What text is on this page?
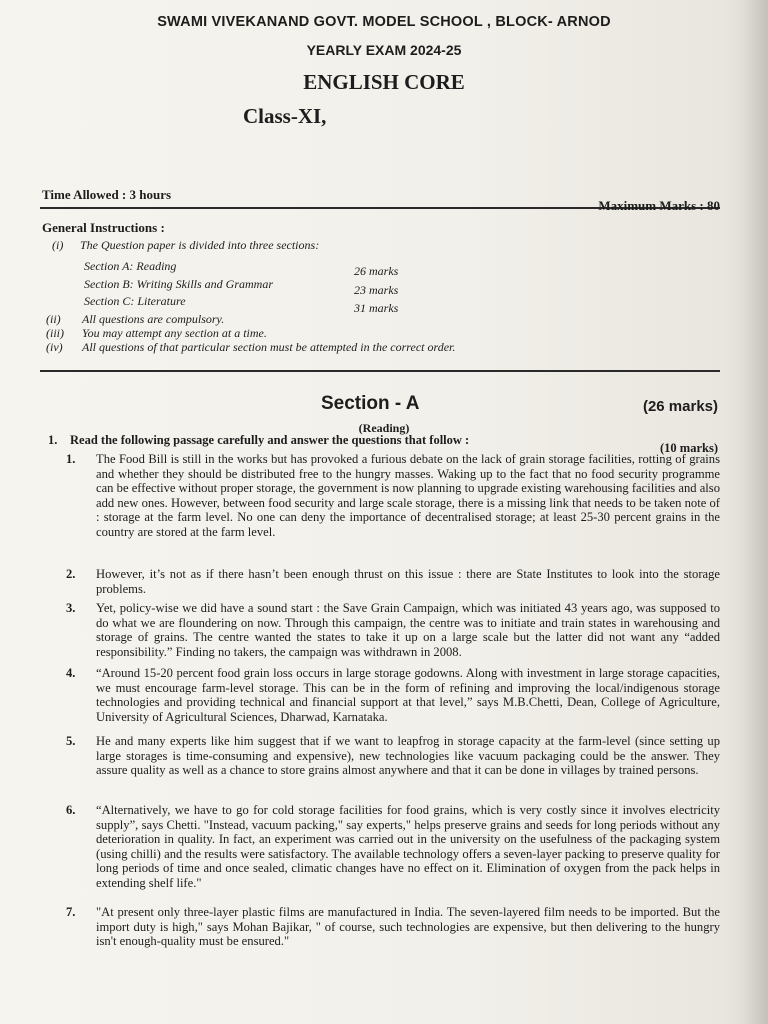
SWAMI VIVEKANAND GOVT. MODEL SCHOOL , BLOCK- ARNOD
YEARLY EXAM 2024-25
ENGLISH CORE
Class-XI,
Time Allowed : 3 hours
Maximum Marks : 80
General Instructions :
(i)	The Question paper is divided into three sections:
Section A: Reading	26 marks
Section B: Writing Skills and Grammar	23 marks
Section C: Literature	31 marks
(ii)	All questions are compulsory.
(iii)	You may attempt any section at a time.
(iv)	All questions of that particular section must be attempted in the correct order.
Section - A	(26 marks)
(Reading)
1. Read the following passage carefully and answer the questions that follow :
(10 marks)
1.	The Food Bill is still in the works but has provoked a furious debate on the lack of grain storage facilities, rotting of grains and whether they should be distributed free to the hungry masses. Waking up to the fact that no food security programme can be effective without proper storage, the government is now planning to upgrade existing warehousing facilities and also add new ones. However, between food security and large scale storage, there is a missing link that needs to be taken note of : storage at the farm level. No one can deny the importance of decentralised storage; at least 25-30 percent grains in the country are stored at the farm level.
2.	However, it’s not as if there hasn’t been enough thrust on this issue : there are State Institutes to look into the storage problems.
3.	Yet, policy-wise we did have a sound start : the Save Grain Campaign, which was initiated 43 years ago, was supposed to do what we are floundering on now. Through this campaign, the centre was to initiate and train states in warehousing and storage of grains. The centre wanted the states to take it up on a large scale but the latter did not want any “added responsibility.” Finding no takers, the campaign was withdrawn in 2008.
4.	“Around 15-20 percent food grain loss occurs in large storage godowns. Along with investment in large storage capacities, we must encourage farm-level storage. This can be in the form of refining and improving the local/indigenous storage technologies and providing technical and financial support at that level,” says M.B.Chetti, Dean, College of Agriculture, University of Agricultural Sciences, Dharwad, Karnataka.
5.	He and many experts like him suggest that if we want to leapfrog in storage capacity at the farm-level (since setting up large storages is time-consuming and expensive), new technologies like vacuum packaging could be the answer. They assure quality as well as a chance to store grains almost anywhere and that it can be done in villages by trained persons.
6.	“Alternatively, we have to go for cold storage facilities for food grains, which is very costly since it involves electricity supply”, says Chetti. "Instead, vacuum packing," say experts," helps preserve grains and seeds for long periods without any deterioration in quality. In fact, an experiment was carried out in the university on the usefulness of the packaging system (using chilli) and the results were satisfactory. The available technology offers a seven-layer packing to preserve quality for long periods of time and once sealed, climatic changes have no effect on it. Elimination of oxygen from the pack helps in extending shelf life."
7.	"At present only three-layer plastic films are manufactured in India. The seven-layered film needs to be imported. But the import duty is high," says Mohan Bajikar, " of course, such technologies are expensive, but then delivering to the hungry isn't enough-quality must be ensured."
